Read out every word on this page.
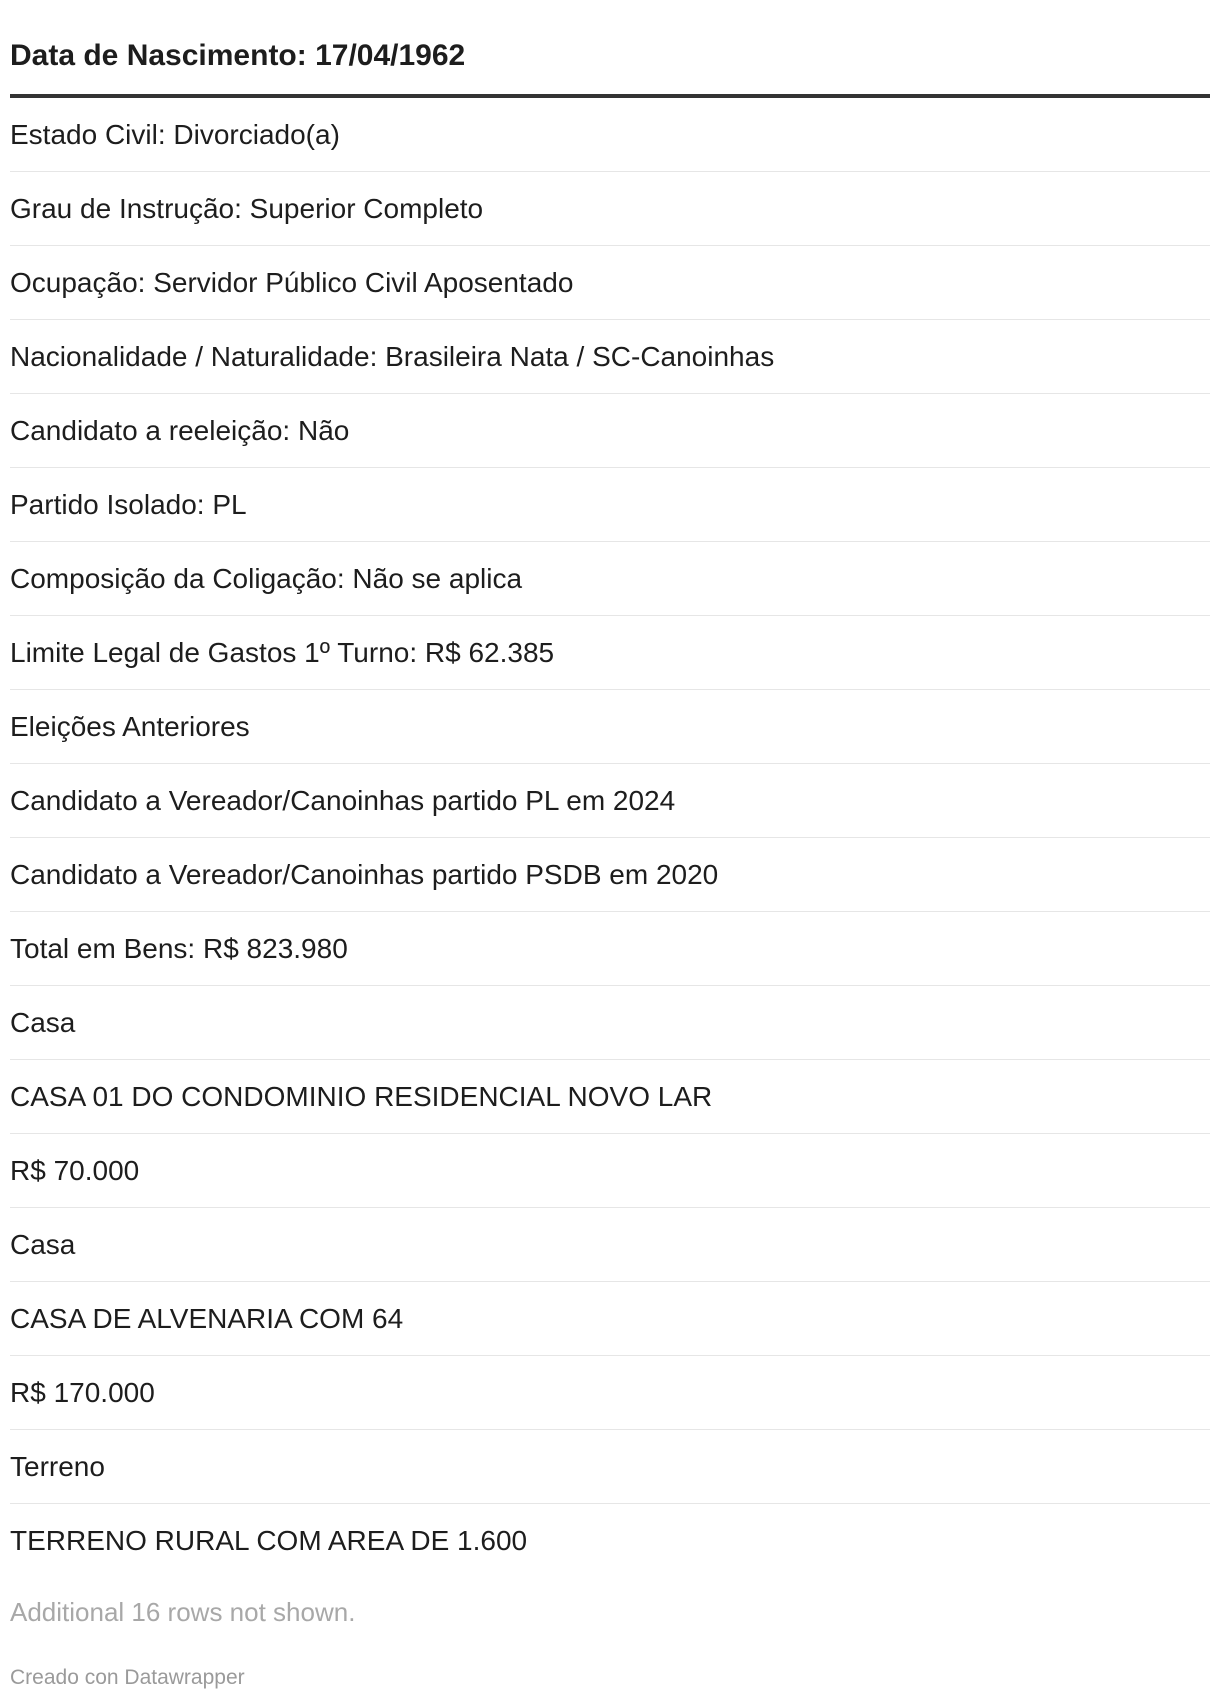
Data de Nascimento: 17/04/1962
Estado Civil: Divorciado(a)
Grau de Instrução: Superior Completo
Ocupação: Servidor Público Civil Aposentado
Nacionalidade / Naturalidade: Brasileira Nata / SC-Canoinhas
Candidato a reeleição: Não
Partido Isolado: PL
Composição da Coligação: Não se aplica
Limite Legal de Gastos 1º Turno: R$ 62.385
Eleições Anteriores
Candidato a Vereador/Canoinhas partido PL em 2024
Candidato a Vereador/Canoinhas partido PSDB em 2020
Total em Bens: R$ 823.980
Casa
CASA 01 DO CONDOMINIO RESIDENCIAL NOVO LAR
R$ 70.000
Casa
CASA DE ALVENARIA COM 64
R$ 170.000
Terreno
TERRENO RURAL COM AREA DE 1.600
Additional 16 rows not shown.
Creado con Datawrapper
